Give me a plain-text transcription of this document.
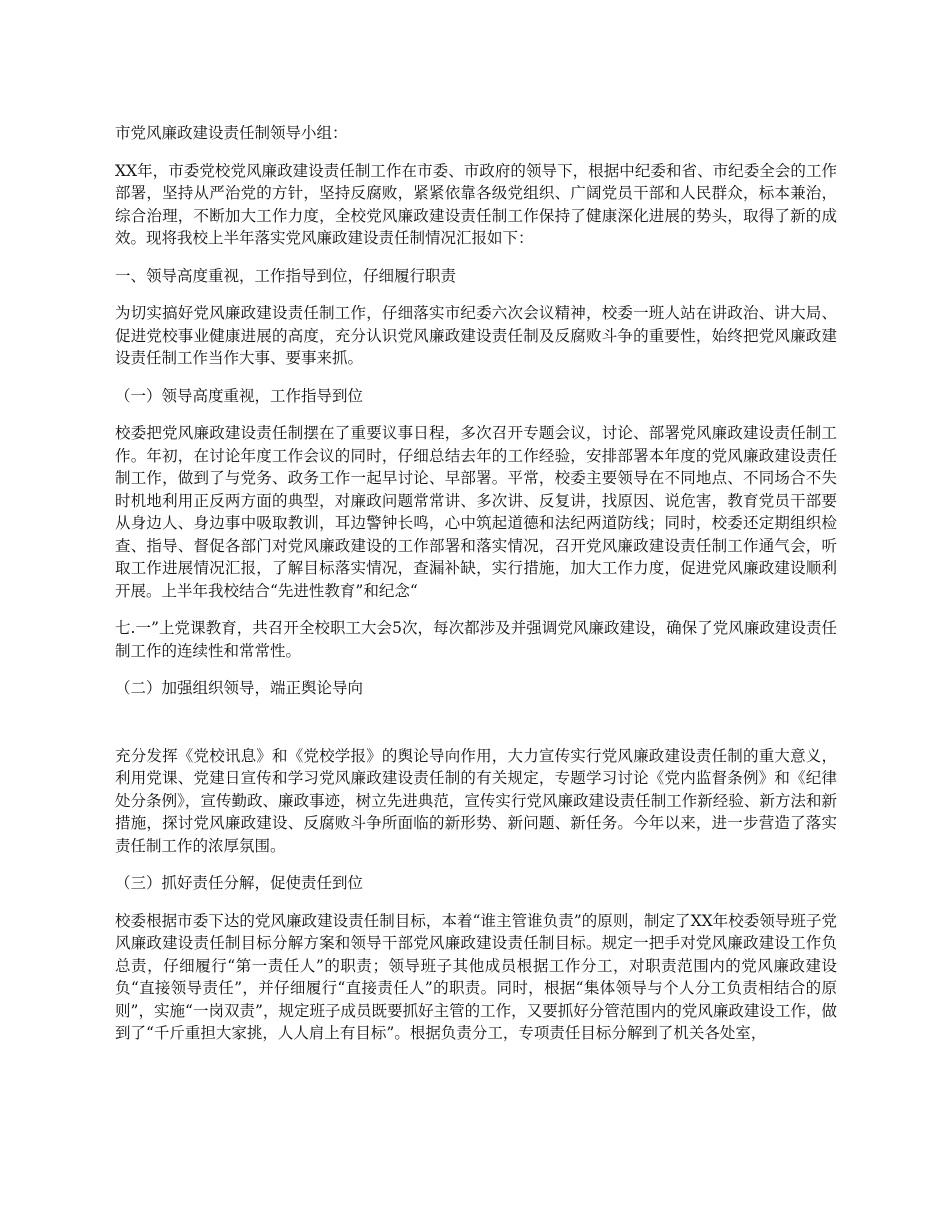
市党风廉政建设责任制领导小组：

XX年，市委党校党风廉政建设责任制工作在市委、市政府的领导下，根据中纪委和省、市纪委全会的工作部署，坚持从严治党的方针，坚持反腐败，紧紧依靠各级党组织、广阔党员干部和人民群众，标本兼治，综合治理，不断加大工作力度，全校党风廉政建设责任制工作保持了健康深化进展的势头，取得了新的成效。现将我校上半年落实党风廉政建设责任制情况汇报如下：

一、领导高度重视，工作指导到位，仔细履行职责

为切实搞好党风廉政建设责任制工作，仔细落实市纪委六次会议精神，校委一班人站在讲政治、讲大局、促进党校事业健康进展的高度，充分认识党风廉政建设责任制及反腐败斗争的重要性，始终把党风廉政建设责任制工作当作大事、要事来抓。

（一）领导高度重视，工作指导到位

校委把党风廉政建设责任制摆在了重要议事日程，多次召开专题会议，讨论、部署党风廉政建设责任制工作。年初，在讨论年度工作会议的同时，仔细总结去年的工作经验，安排部署本年度的党风廉政建设责任制工作，做到了与党务、政务工作一起早讨论、早部署。平常，校委主要领导在不同地点、不同场合不失时机地利用正反两方面的典型，对廉政问题常常讲、多次讲、反复讲，找原因、说危害，教育党员干部要从身边人、身边事中吸取教训，耳边警钟长鸣，心中筑起道德和法纪两道防线；同时，校委还定期组织检查、指导、督促各部门对党风廉政建设的工作部署和落实情况，召开党风廉政建设责任制工作通气会，听取工作进展情况汇报，了解目标落实情况，查漏补缺，实行措施，加大工作力度，促进党风廉政建设顺利开展。上半年我校结合“先进性教育”和纪念“

七.一”上党课教育，共召开全校职工大会5次，每次都涉及并强调党风廉政建设，确保了党风廉政建设责任制工作的连续性和常常性。

（二）加强组织领导，端正舆论导向

充分发挥《党校讯息》和《党校学报》的舆论导向作用，大力宣传实行党风廉政建设责任制的重大意义，利用党课、党建日宣传和学习党风廉政建设责任制的有关规定，专题学习讨论《党内监督条例》和《纪律处分条例》，宣传勤政、廉政事迹，树立先进典范，宣传实行党风廉政建设责任制工作新经验、新方法和新措施，探讨党风廉政建设、反腐败斗争所面临的新形势、新问题、新任务。今年以来，进一步营造了落实责任制工作的浓厚氛围。

（三）抓好责任分解，促使责任到位

校委根据市委下达的党风廉政建设责任制目标，本着“谁主管谁负责”的原则，制定了XX年校委领导班子党风廉政建设责任制目标分解方案和领导干部党风廉政建设责任制目标。规定一把手对党风廉政建设工作负总责，仔细履行“第一责任人”的职责；领导班子其他成员根据工作分工，对职责范围内的党风廉政建设负“直接领导责任”，并仔细履行“直接责任人”的职责。同时，根据“集体领导与个人分工负责相结合的原则”，实施“一岗双责”，规定班子成员既要抓好主管的工作，又要抓好分管范围内的党风廉政建设工作，做到了“千斤重担大家挑，人人肩上有目标”。根据负责分工，专项责任目标分解到了机关各处室，
